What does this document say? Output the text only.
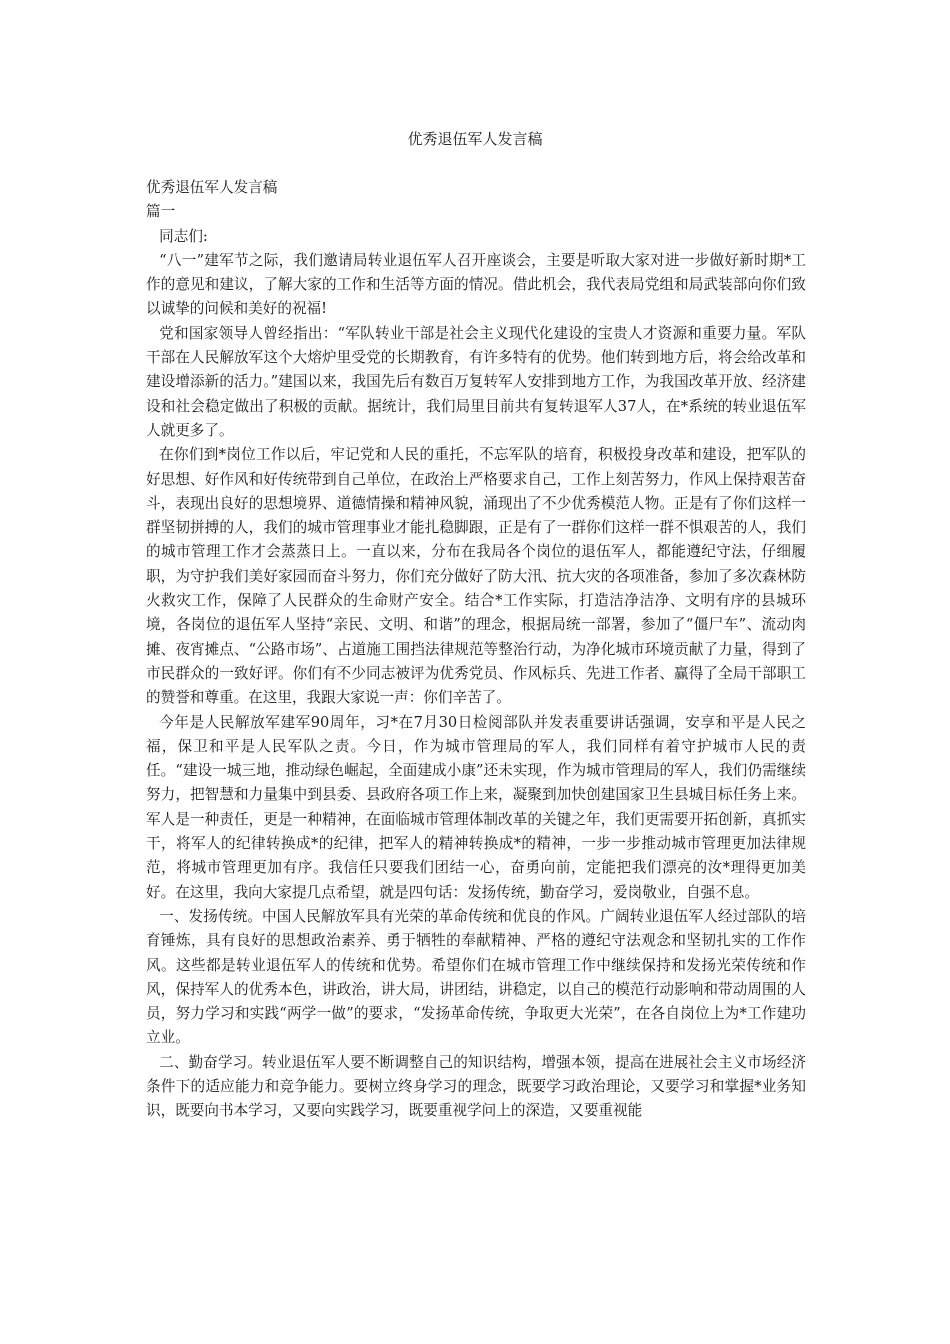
优秀退伍军人发言稿
优秀退伍军人发言稿
篇一

同志们:

“八一”建军节之际，我们邀请局转业退伍军人召开座谈会，主要是听取大家对进一步做好新时期*工作的意见和建议，了解大家的工作和生活等方面的情况。借此机会，我代表局党组和局武装部向你们致以诚挚的问候和美好的祝福!

党和国家领导人曾经指出：“军队转业干部是社会主义现代化建设的宝贵人才资源和重要力量。军队干部在人民解放军这个大熔炉里受党的长期教育，有许多特有的优势。他们转到地方后，将会给改革和建设增添新的活力。”建国以来，我国先后有数百万复转军人安排到地方工作，为我国改革开放、经济建设和社会稳定做出了积极的贡献。据统计，我们局里目前共有复转退军人37人，在*系统的转业退伍军人就更多了。

在你们到*岗位工作以后，牢记党和人民的重托，不忘军队的培育，积极投身改革和建设，把军队的好思想、好作风和好传统带到自己单位，在政治上严格要求自己，工作上刻苦努力，作风上保持艰苦奋斗，表现出良好的思想境界、道德情操和精神风貌，涌现出了不少优秀模范人物。正是有了你们这样一群坚韧拼搏的人，我们的城市管理事业才能扎稳脚跟，正是有了一群你们这样一群不惧艰苦的人，我们的城市管理工作才会蒸蒸日上。一直以来，分布在我局各个岗位的退伍军人，都能遵纪守法，仔细履职，为守护我们美好家园而奋斗努力，你们充分做好了防大汛、抗大灾的各项准备，参加了多次森林防火救灾工作，保障了人民群众的生命财产安全。结合*工作实际，打造洁净洁净、文明有序的县城环境，各岗位的退伍军人坚持“亲民、文明、和谐”的理念，根据局统一部署，参加了“僵尸车”、流动肉摊、夜宵摊点、“公路市场”、占道施工围挡法律规范等整治行动，为净化城市环境贡献了力量，得到了市民群众的一致好评。你们有不少同志被评为优秀党员、作风标兵、先进工作者、赢得了全局干部职工的赞誉和尊重。在这里，我跟大家说一声：你们辛苦了。

今年是人民解放军建军90周年，习*在7月30日检阅部队并发表重要讲话强调，安享和平是人民之福，保卫和平是人民军队之责。今日，作为城市管理局的军人，我们同样有着守护城市人民的责任。“建设一城三地，推动绿色崛起，全面建成小康”还未实现，作为城市管理局的军人，我们仍需继续努力，把智慧和力量集中到县委、县政府各项工作上来，凝聚到加快创建国家卫生县城目标任务上来。军人是一种责任，更是一种精神，在面临城市管理体制改革的关键之年，我们更需要开拓创新，真抓实干，将军人的纪律转换成*的纪律，把军人的精神转换成*的精神，一步一步推动城市管理更加法律规范，将城市管理更加有序。我信任只要我们团结一心，奋勇向前，定能把我们漂亮的汝*理得更加美好。在这里，我向大家提几点希望，就是四句话：发扬传统，勤奋学习，爱岗敬业，自强不息。

一、发扬传统。中国人民解放军具有光荣的革命传统和优良的作风。广阔转业退伍军人经过部队的培育锤炼，具有良好的思想政治素养、勇于牺牲的奉献精神、严格的遵纪守法观念和坚韧扎实的工作作风。这些都是转业退伍军人的传统和优势。希望你们在城市管理工作中继续保持和发扬光荣传统和作风，保持军人的优秀本色，讲政治，讲大局，讲团结，讲稳定，以自己的模范行动影响和带动周围的人员，努力学习和实践“两学一做”的要求，“发扬革命传统，争取更大光荣”，在各自岗位上为*工作建功立业。

二、勤奋学习。转业退伍军人要不断调整自己的知识结构，增强本领，提高在进展社会主义市场经济条件下的适应能力和竞争能力。要树立终身学习的理念，既要学习政治理论，又要学习和掌握*业务知识，既要向书本学习，又要向实践学习，既要重视学问上的深造，又要重视能
